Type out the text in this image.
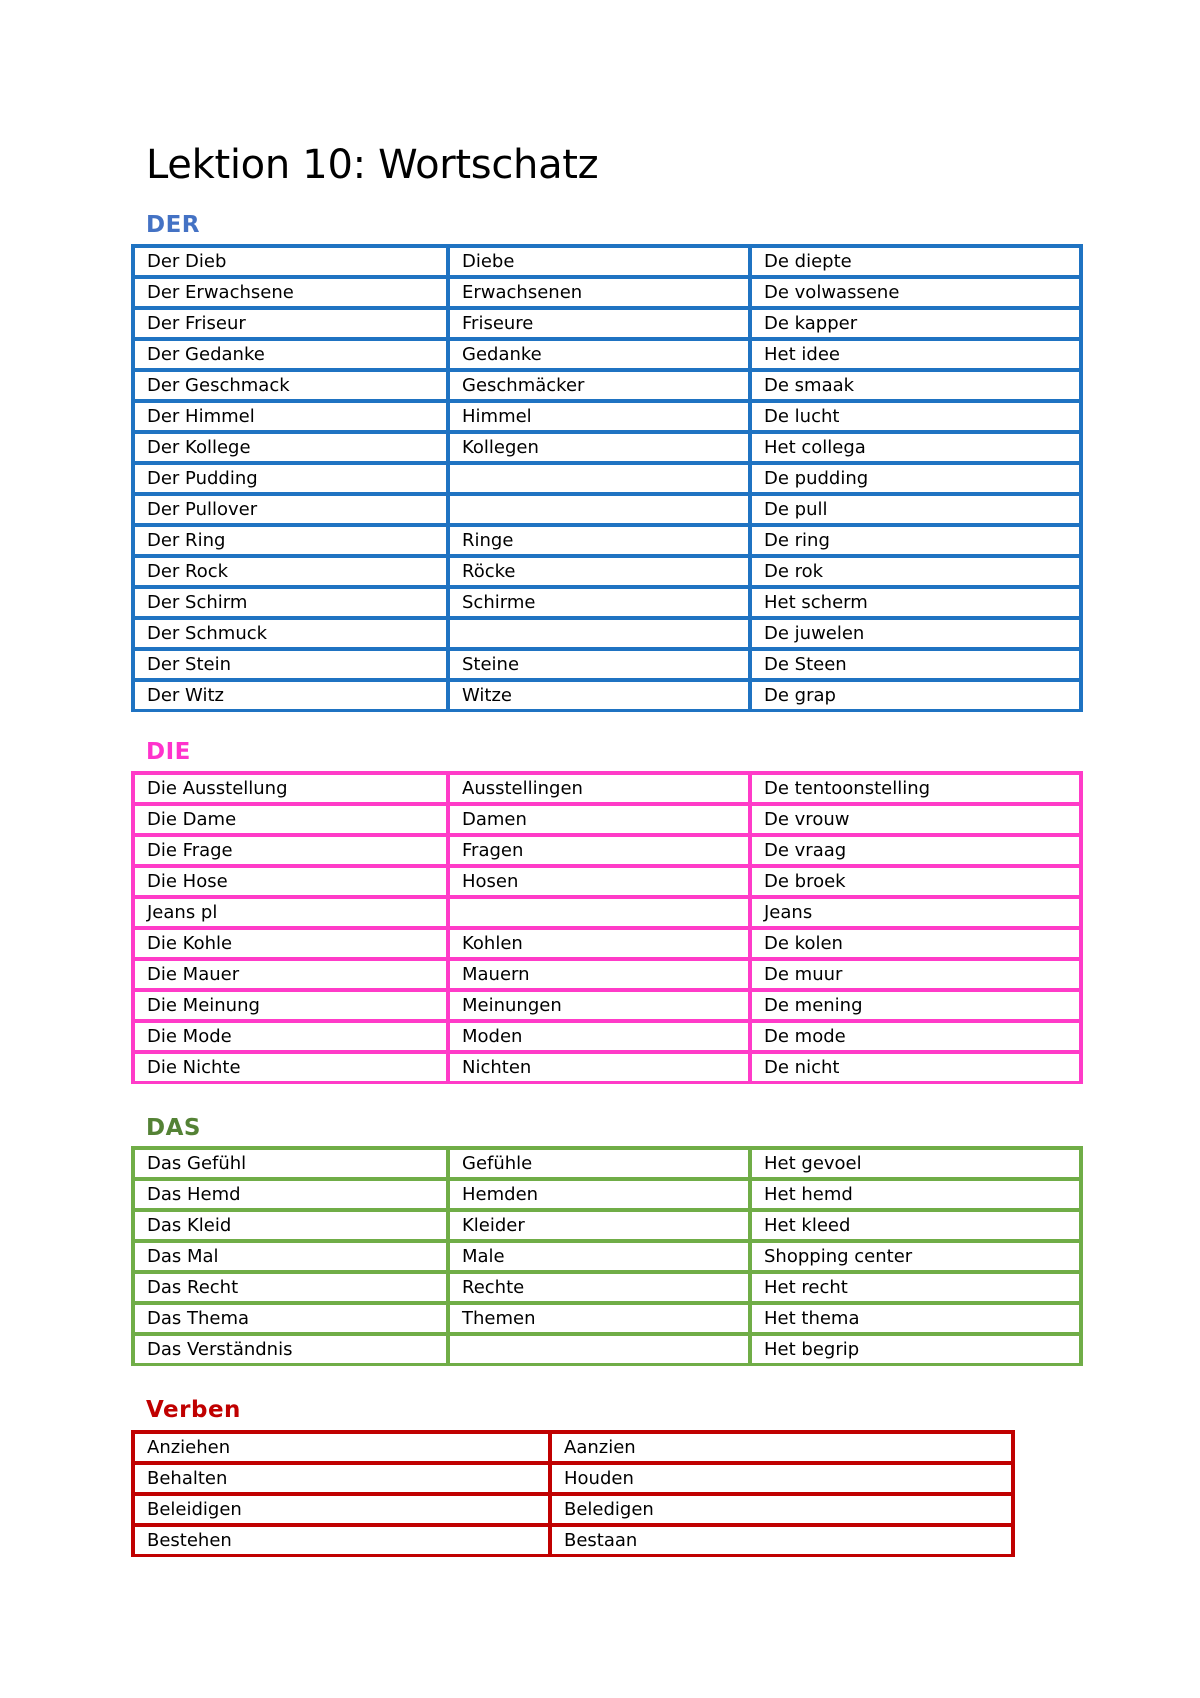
Lektion 10: Wortschatz
DER
Der Dieb	Diebe	De diepte
Der Erwachsene	Erwachsenen	De volwassene
Der Friseur	Friseure	De kapper
Der Gedanke	Gedanke	Het idee
Der Geschmack	Geschmäcker	De smaak
Der Himmel	Himmel	De lucht
Der Kollege	Kollegen	Het collega
Der Pudding		De pudding
Der Pullover		De pull
Der Ring	Ringe	De ring
Der Rock	Röcke	De rok
Der Schirm	Schirme	Het scherm
Der Schmuck		De juwelen
Der Stein	Steine	De Steen
Der Witz	Witze	De grap
DIE
Die Ausstellung	Ausstellingen	De tentoonstelling
Die Dame	Damen	De vrouw
Die Frage	Fragen	De vraag
Die Hose	Hosen	De broek
Jeans pl		Jeans
Die Kohle	Kohlen	De kolen
Die Mauer	Mauern	De muur
Die Meinung	Meinungen	De mening
Die Mode	Moden	De mode
Die Nichte	Nichten	De nicht
DAS
Das Gefühl	Gefühle	Het gevoel
Das Hemd	Hemden	Het hemd
Das Kleid	Kleider	Het kleed
Das Mal	Male	Shopping center
Das Recht	Rechte	Het recht
Das Thema	Themen	Het thema
Das Verständnis		Het begrip
Verben
Anziehen	Aanzien
Behalten	Houden
Beleidigen	Beledigen
Bestehen	Bestaan
